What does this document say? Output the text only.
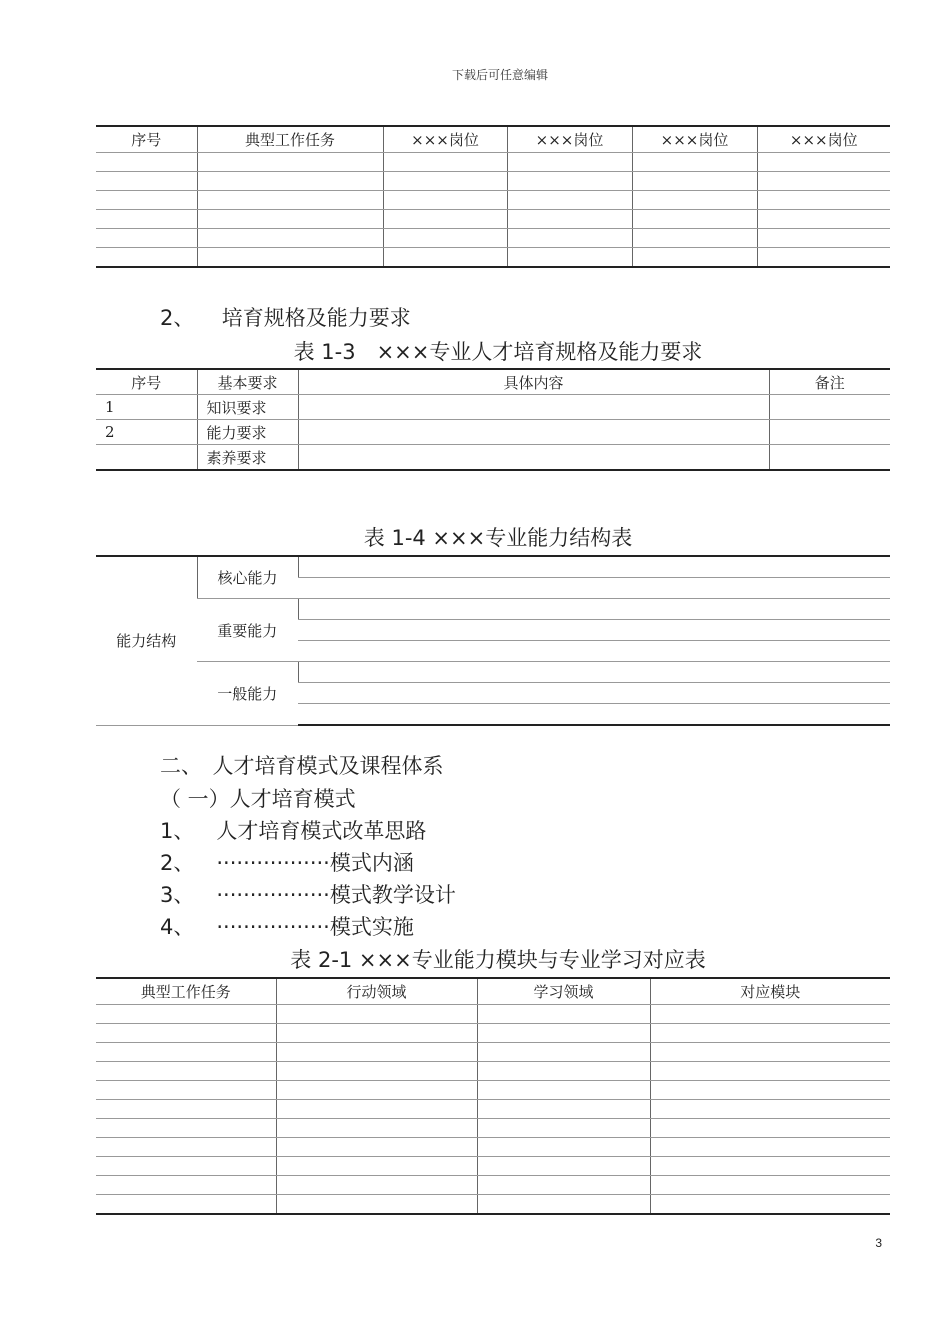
下载后可任意编辑
序号	典型工作任务	×××岗位	×××岗位	×××岗位	×××岗位

2、 培育规格及能力要求
表 1-3　×××专业人才培育规格及能力要求
序号	基本要求	具体内容	备注
1	知识要求		
2	能力要求		
	素养要求		
表 1-4 ×××专业能力结构表
能力结构	核心能力	

	重要能力	

	一般能力	

二、　人才培育模式及课程体系
（ 一）人才培育模式
1、 人才培育模式改革思路
2、 ·················模式内涵
3、 ·················模式教学设计
4、 ·················模式实施
表 2-1 ×××专业能力模块与专业学习对应表
典型工作任务	行动领域	学习领域	对应模块

3
